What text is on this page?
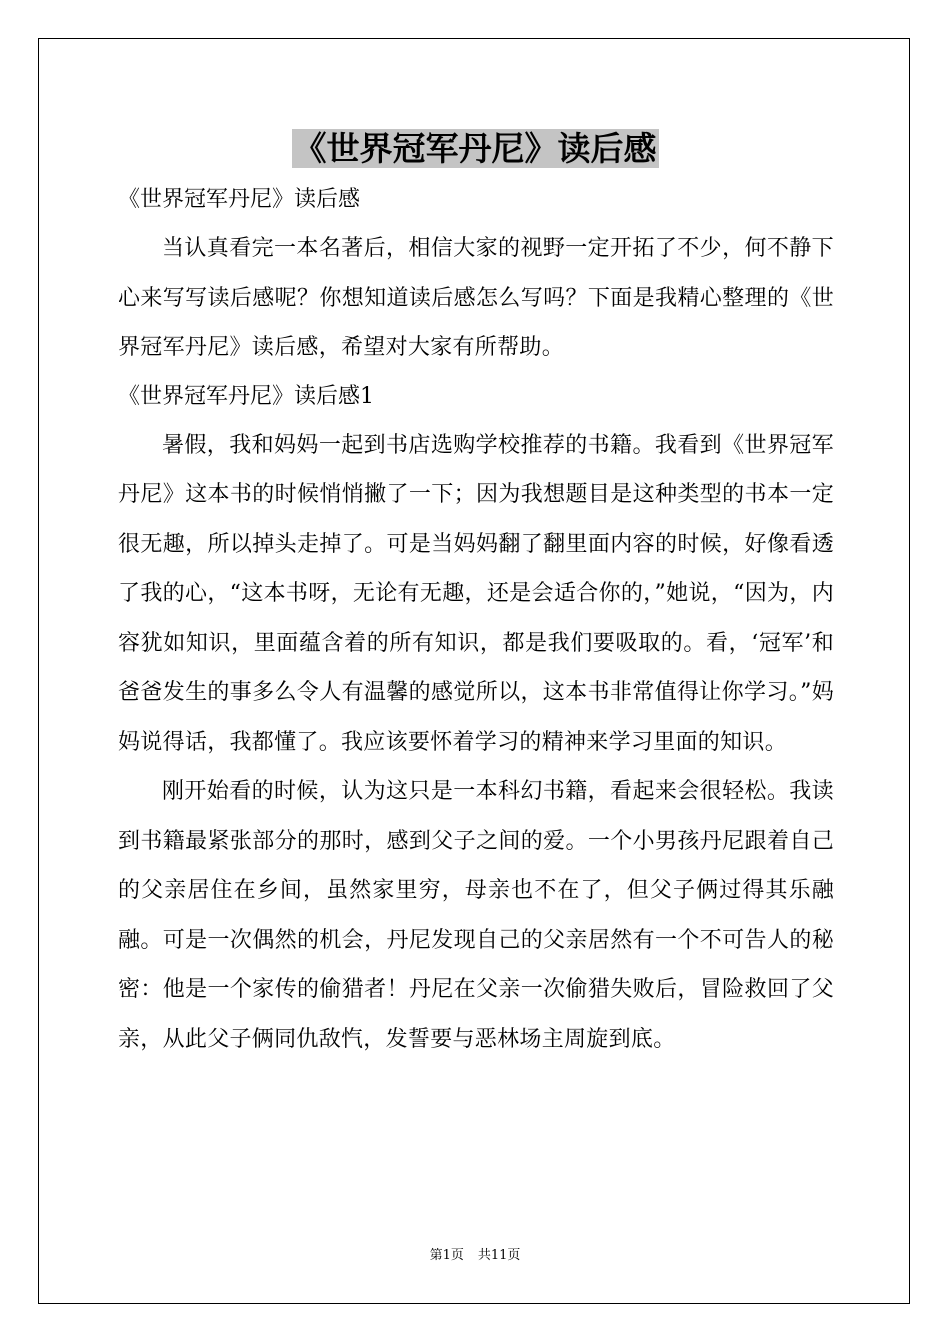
《世界冠军丹尼》读后感

《世界冠军丹尼》读后感

当认真看完一本名著后，相信大家的视野一定开拓了不少，何不静下心来写写读后感呢？你想知道读后感怎么写吗？下面是我精心整理的《世界冠军丹尼》读后感，希望对大家有所帮助。

《世界冠军丹尼》读后感1

暑假，我和妈妈一起到书店选购学校推荐的书籍。我看到《世界冠军丹尼》这本书的时候悄悄撇了一下；因为我想题目是这种类型的书本一定很无趣，所以掉头走掉了。可是当妈妈翻了翻里面内容的时候，好像看透了我的心，“这本书呀，无论有无趣，还是会适合你的，”她说，“因为，内容犹如知识，里面蕴含着的所有知识，都是我们要吸取的。看，‘冠军’和爸爸发生的事多么令人有温馨的感觉所以，这本书非常值得让你学习。”妈妈说得话，我都懂了。我应该要怀着学习的精神来学习里面的知识。

刚开始看的时候，认为这只是一本科幻书籍，看起来会很轻松。我读到书籍最紧张部分的那时，感到父子之间的爱。一个小男孩丹尼跟着自己的父亲居住在乡间，虽然家里穷，母亲也不在了，但父子俩过得其乐融融。可是一次偶然的机会，丹尼发现自己的父亲居然有一个不可告人的秘密：他是一个家传的偷猎者！丹尼在父亲一次偷猎失败后，冒险救回了父亲，从此父子俩同仇敌忾，发誓要与恶林场主周旋到底。

第1页 共11页
